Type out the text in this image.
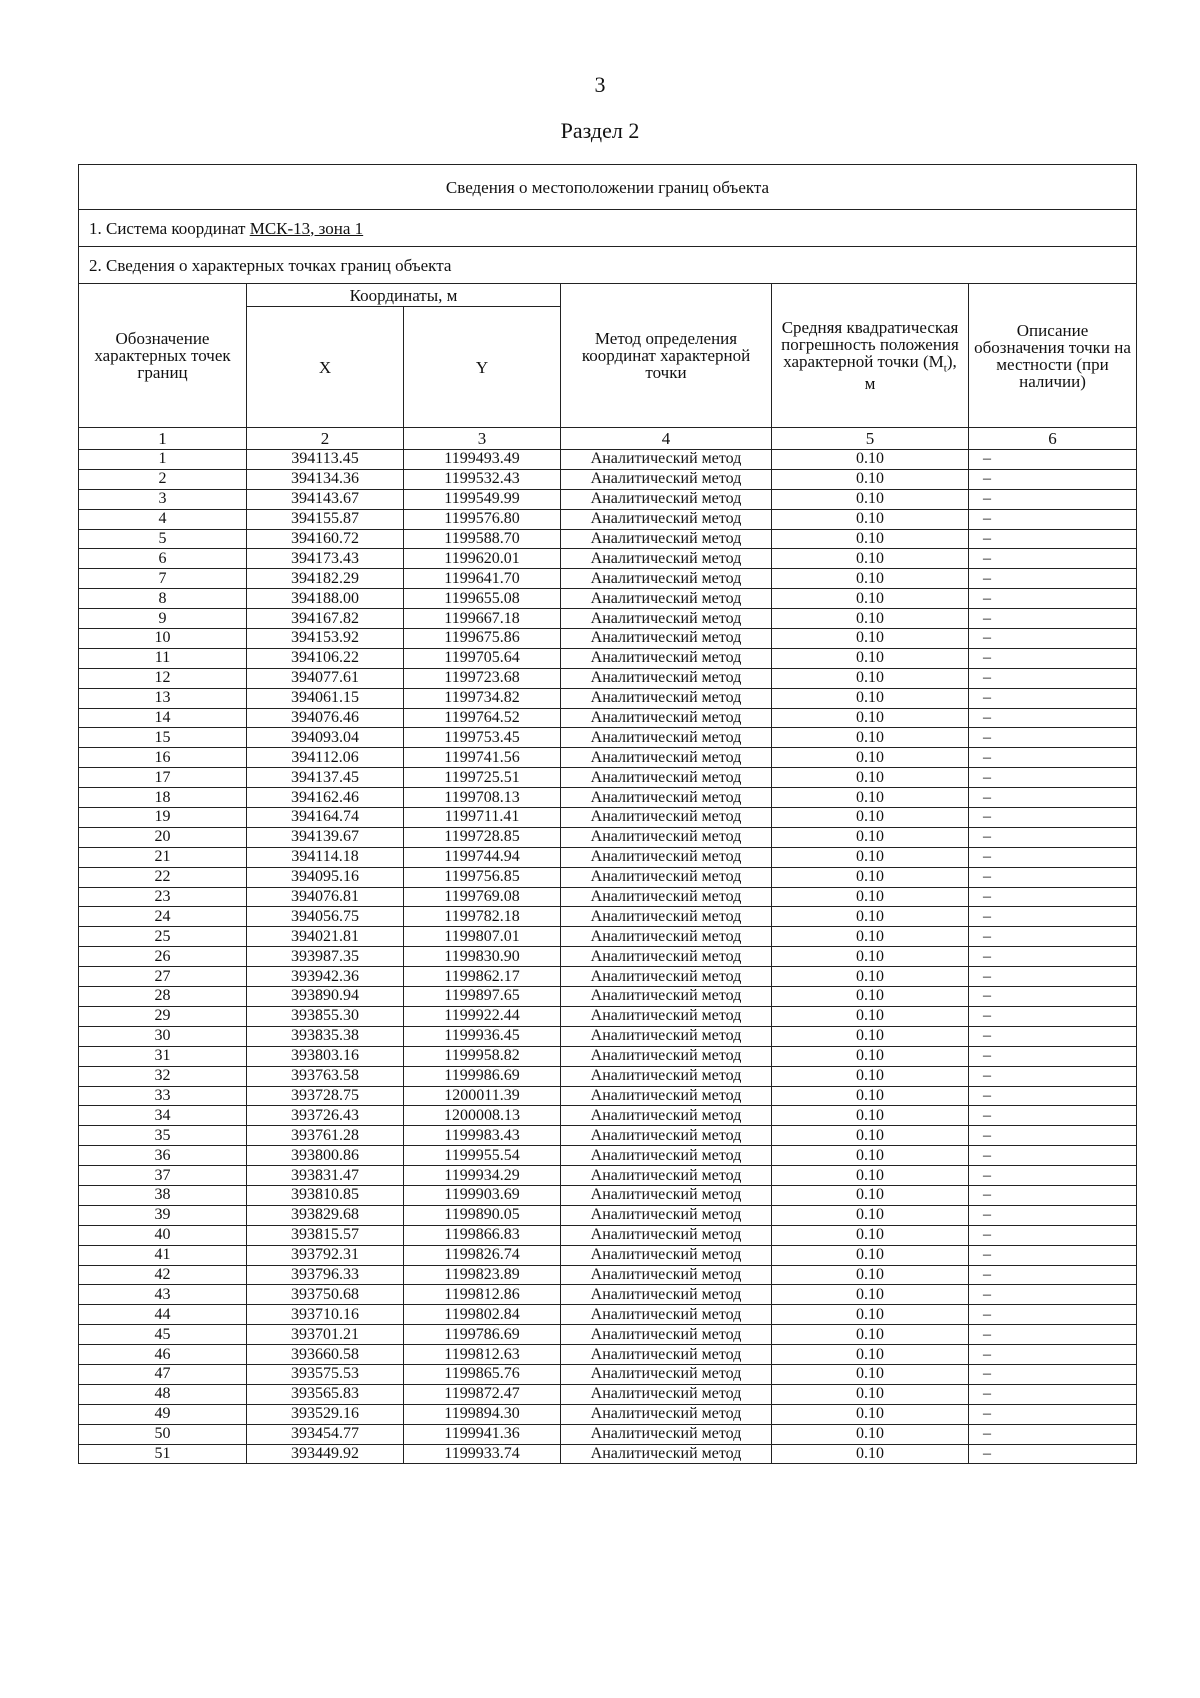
3
Раздел 2
Сведения о местоположении границ объекта					
1. Система координат МСК-13, зона 1					
2. Сведения о характерных точках границ объекта					
Обозначение характерных точек границ	Координаты, м		Метод определения координат характерной точки	Средняя квадратическая погрешность положения характерной точки $(M_t)$, м	Описание обозначения точки на местности (при наличии)
	X	Y			
1	2	3	4	5	6
1	394113.45	1199493.49	Аналитический метод	0.10	–
2	394134.36	1199532.43	Аналитический метод	0.10	–
3	394143.67	1199549.99	Аналитический метод	0.10	–
4	394155.87	1199576.80	Аналитический метод	0.10	–
5	394160.72	1199588.70	Аналитический метод	0.10	–
6	394173.43	1199620.01	Аналитический метод	0.10	–
7	394182.29	1199641.70	Аналитический метод	0.10	–
8	394188.00	1199655.08	Аналитический метод	0.10	–
9	394167.82	1199667.18	Аналитический метод	0.10	–
10	394153.92	1199675.86	Аналитический метод	0.10	–
11	394106.22	1199705.64	Аналитический метод	0.10	–
12	394077.61	1199723.68	Аналитический метод	0.10	–
13	394061.15	1199734.82	Аналитический метод	0.10	–
14	394076.46	1199764.52	Аналитический метод	0.10	–
15	394093.04	1199753.45	Аналитический метод	0.10	–
16	394112.06	1199741.56	Аналитический метод	0.10	–
17	394137.45	1199725.51	Аналитический метод	0.10	–
18	394162.46	1199708.13	Аналитический метод	0.10	–
19	394164.74	1199711.41	Аналитический метод	0.10	–
20	394139.67	1199728.85	Аналитический метод	0.10	–
21	394114.18	1199744.94	Аналитический метод	0.10	–
22	394095.16	1199756.85	Аналитический метод	0.10	–
23	394076.81	1199769.08	Аналитический метод	0.10	–
24	394056.75	1199782.18	Аналитический метод	0.10	–
25	394021.81	1199807.01	Аналитический метод	0.10	–
26	393987.35	1199830.90	Аналитический метод	0.10	–
27	393942.36	1199862.17	Аналитический метод	0.10	–
28	393890.94	1199897.65	Аналитический метод	0.10	–
29	393855.30	1199922.44	Аналитический метод	0.10	–
30	393835.38	1199936.45	Аналитический метод	0.10	–
31	393803.16	1199958.82	Аналитический метод	0.10	–
32	393763.58	1199986.69	Аналитический метод	0.10	–
33	393728.75	1200011.39	Аналитический метод	0.10	–
34	393726.43	1200008.13	Аналитический метод	0.10	–
35	393761.28	1199983.43	Аналитический метод	0.10	–
36	393800.86	1199955.54	Аналитический метод	0.10	–
37	393831.47	1199934.29	Аналитический метод	0.10	–
38	393810.85	1199903.69	Аналитический метод	0.10	–
39	393829.68	1199890.05	Аналитический метод	0.10	–
40	393815.57	1199866.83	Аналитический метод	0.10	–
41	393792.31	1199826.74	Аналитический метод	0.10	–
42	393796.33	1199823.89	Аналитический метод	0.10	–
43	393750.68	1199812.86	Аналитический метод	0.10	–
44	393710.16	1199802.84	Аналитический метод	0.10	–
45	393701.21	1199786.69	Аналитический метод	0.10	–
46	393660.58	1199812.63	Аналитический метод	0.10	–
47	393575.53	1199865.76	Аналитический метод	0.10	–
48	393565.83	1199872.47	Аналитический метод	0.10	–
49	393529.16	1199894.30	Аналитический метод	0.10	–
50	393454.77	1199941.36	Аналитический метод	0.10	–
51	393449.92	1199933.74	Аналитический метод	0.10	–
